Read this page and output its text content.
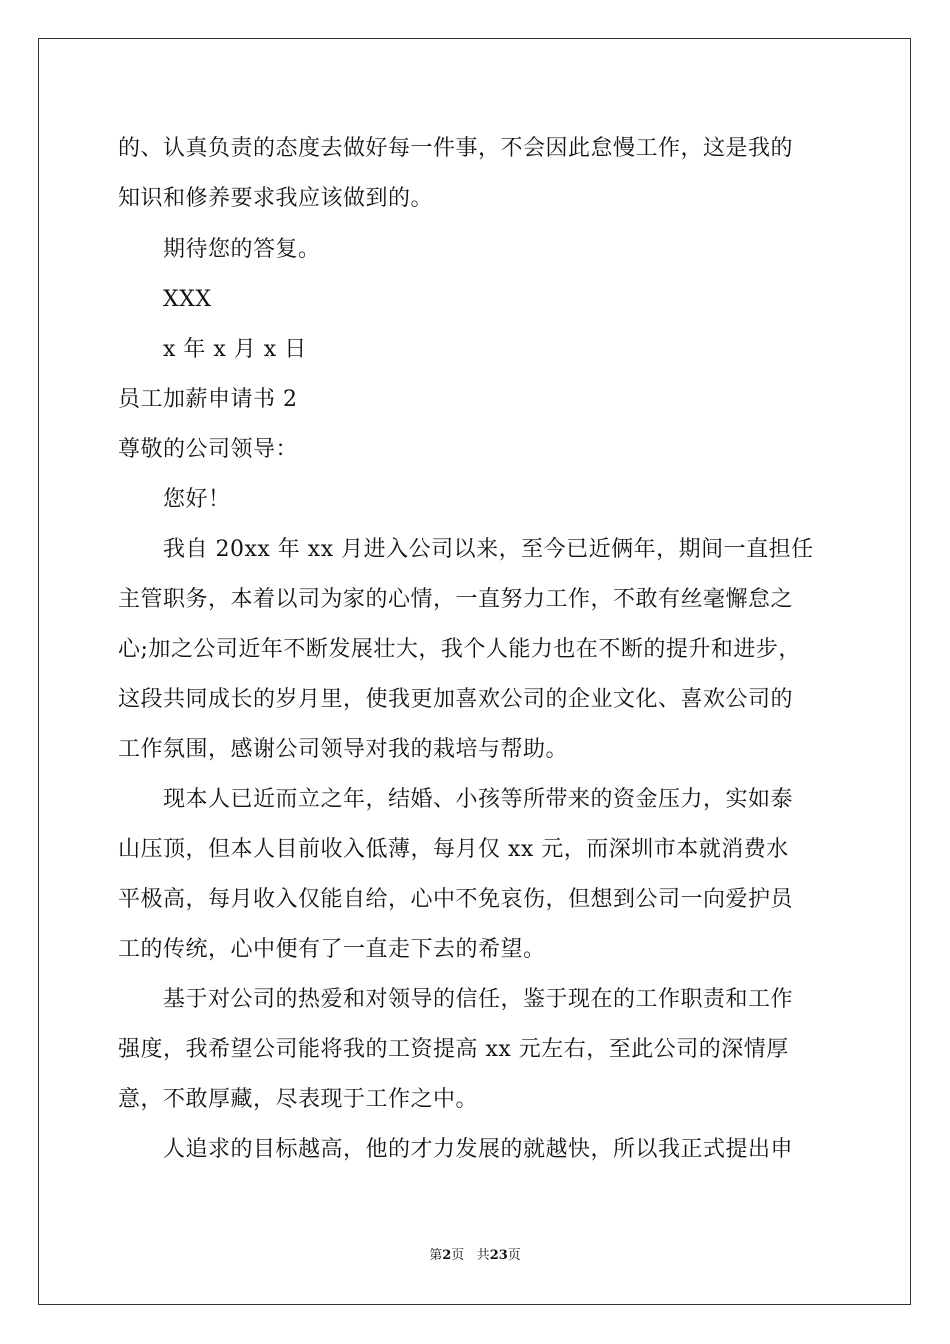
的、认真负责的态度去做好每一件事，不会因此怠慢工作，这是我的
知识和修养要求我应该做到的。
期待您的答复。
XXX
x 年 x 月 x 日
员工加薪申请书 2
尊敬的公司领导：
您好！
我自 20xx 年 xx 月进入公司以来，至今已近俩年，期间一直担任
主管职务，本着以司为家的心情，一直努力工作，不敢有丝毫懈怠之
心;加之公司近年不断发展壮大，我个人能力也在不断的提升和进步，
这段共同成长的岁月里，使我更加喜欢公司的企业文化、喜欢公司的
工作氛围，感谢公司领导对我的栽培与帮助。
现本人已近而立之年，结婚、小孩等所带来的资金压力，实如泰
山压顶，但本人目前收入低薄，每月仅 xx 元，而深圳市本就消费水
平极高，每月收入仅能自给，心中不免哀伤，但想到公司一向爱护员
工的传统，心中便有了一直走下去的希望。
基于对公司的热爱和对领导的信任，鉴于现在的工作职责和工作
强度，我希望公司能将我的工资提高 xx 元左右，至此公司的深情厚
意，不敢厚藏，尽表现于工作之中。
人追求的目标越高，他的才力发展的就越快，所以我正式提出申
第2页 共23页
